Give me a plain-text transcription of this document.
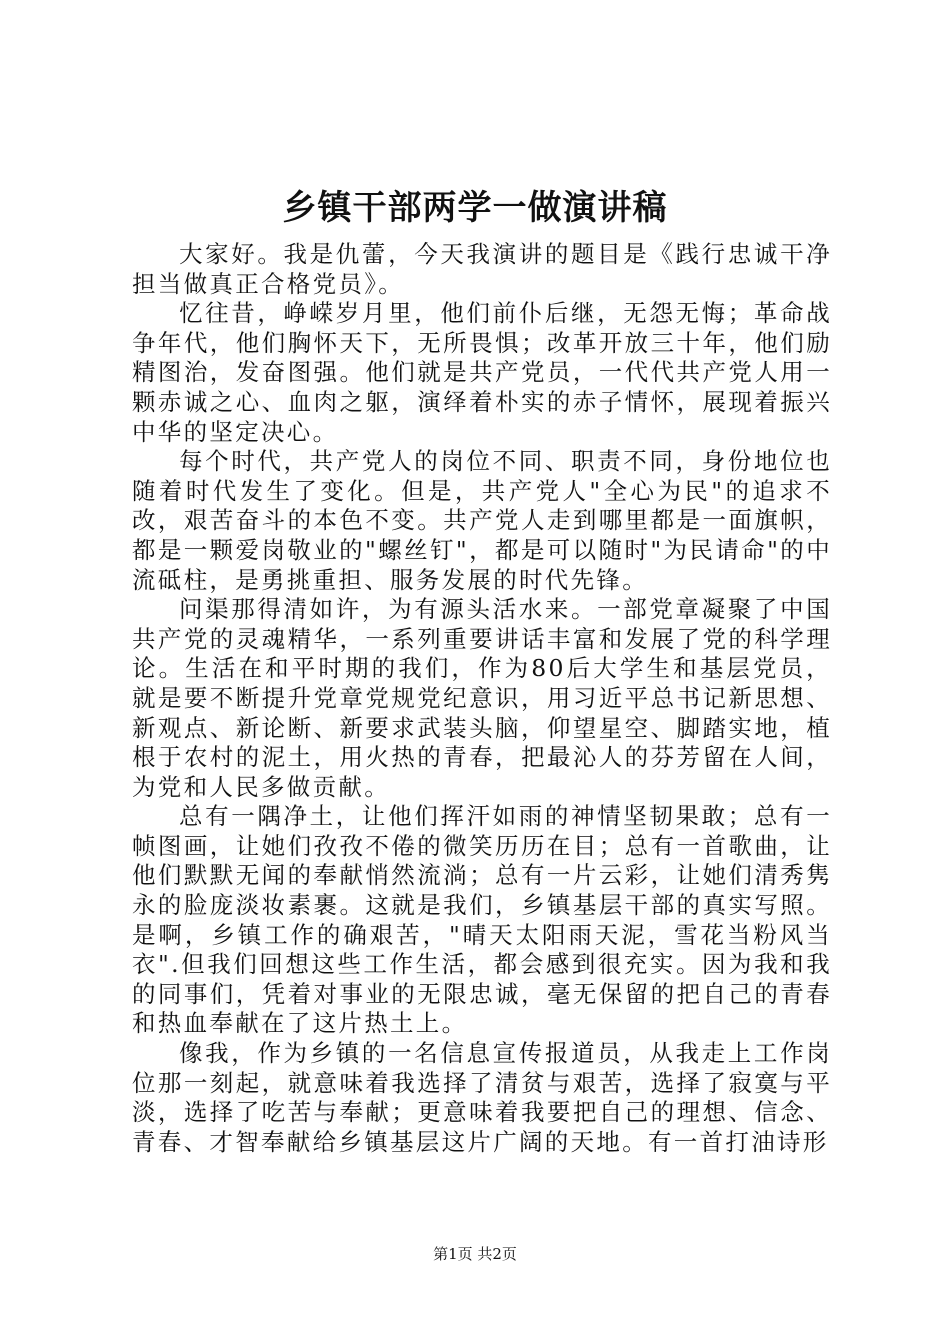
乡镇干部两学一做演讲稿

大家好。我是仇蕾，今天我演讲的题目是《践行忠诚干净担当做真正合格党员》。

忆往昔，峥嵘岁月里，他们前仆后继，无怨无悔；革命战争年代，他们胸怀天下，无所畏惧；改革开放三十年，他们励精图治，发奋图强。他们就是共产党员，一代代共产党人用一颗赤诚之心、血肉之躯，演绎着朴实的赤子情怀，展现着振兴中华的坚定决心。

每个时代，共产党人的岗位不同、职责不同，身份地位也随着时代发生了变化。但是，共产党人"全心为民"的追求不改，艰苦奋斗的本色不变。共产党人走到哪里都是一面旗帜，都是一颗爱岗敬业的"螺丝钉"，都是可以随时"为民请命"的中流砥柱，是勇挑重担、服务发展的时代先锋。

问渠那得清如许，为有源头活水来。一部党章凝聚了中国共产党的灵魂精华，一系列重要讲话丰富和发展了党的科学理论。生活在和平时期的我们，作为80后大学生和基层党员，就是要不断提升党章党规党纪意识，用习近平总书记新思想、新观点、新论断、新要求武装头脑，仰望星空、脚踏实地，植根于农村的泥土，用火热的青春，把最沁人的芬芳留在人间，为党和人民多做贡献。

总有一隅净土，让他们挥汗如雨的神情坚韧果敢；总有一帧图画，让她们孜孜不倦的微笑历历在目；总有一首歌曲，让他们默默无闻的奉献悄然流淌；总有一片云彩，让她们清秀隽永的脸庞淡妆素裹。这就是我们，乡镇基层干部的真实写照。是啊，乡镇工作的确艰苦，"晴天太阳雨天泥，雪花当粉风当衣".但我们回想这些工作生活，都会感到很充实。因为我和我的同事们，凭着对事业的无限忠诚，毫无保留的把自己的青春和热血奉献在了这片热土上。

像我，作为乡镇的一名信息宣传报道员，从我走上工作岗位那一刻起，就意味着我选择了清贫与艰苦，选择了寂寞与平淡，选择了吃苦与奉献；更意味着我要把自己的理想、信念、青春、才智奉献给乡镇基层这片广阔的天地。有一首打油诗形

第1页 共2页
